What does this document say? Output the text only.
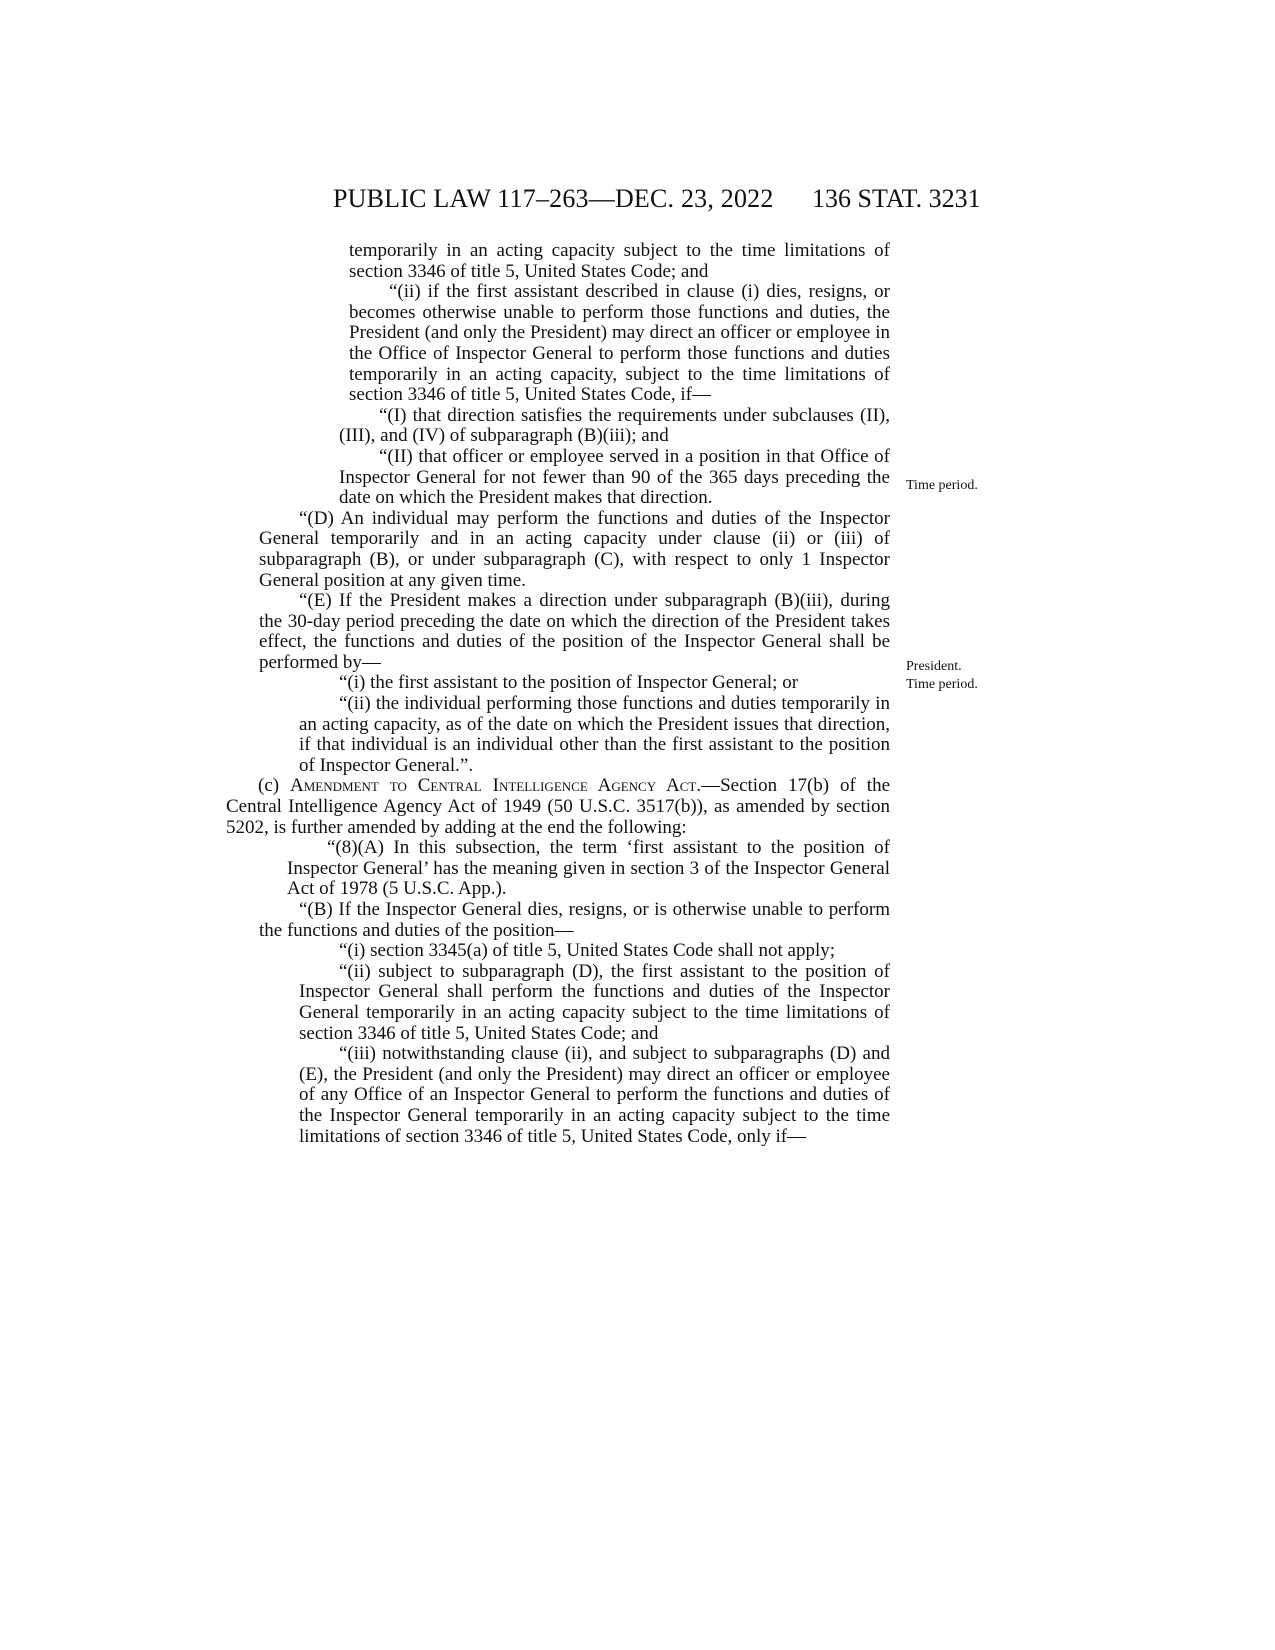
PUBLIC LAW 117–263—DEC. 23, 2022 136 STAT. 3231

temporarily in an acting capacity subject to the time limitations of section 3346 of title 5, United States Code; and

“(ii) if the first assistant described in clause (i) dies, resigns, or becomes otherwise unable to perform those functions and duties, the President (and only the President) may direct an officer or employee in the Office of Inspector General to perform those functions and duties temporarily in an acting capacity, subject to the time limitations of section 3346 of title 5, United States Code, if—

“(I) that direction satisfies the requirements under subclauses (II), (III), and (IV) of subparagraph (B)(iii); and

“(II) that officer or employee served in a position in that Office of Inspector General for not fewer than 90 of the 365 days preceding the date on which the President makes that direction.

“(D) An individual may perform the functions and duties of the Inspector General temporarily and in an acting capacity under clause (ii) or (iii) of subparagraph (B), or under subparagraph (C), with respect to only 1 Inspector General position at any given time.

“(E) If the President makes a direction under subparagraph (B)(iii), during the 30-day period preceding the date on which the direction of the President takes effect, the functions and duties of the position of the Inspector General shall be performed by—

“(i) the first assistant to the position of Inspector General; or

“(ii) the individual performing those functions and duties temporarily in an acting capacity, as of the date on which the President issues that direction, if that individual is an individual other than the first assistant to the position of Inspector General.”.

(c) Amendment to Central Intelligence Agency Act.—Section 17(b) of the Central Intelligence Agency Act of 1949 (50 U.S.C. 3517(b)), as amended by section 5202, is further amended by adding at the end the following:

“(8)(A) In this subsection, the term ‘first assistant to the position of Inspector General’ has the meaning given in section 3 of the Inspector General Act of 1978 (5 U.S.C. App.).

“(B) If the Inspector General dies, resigns, or is otherwise unable to perform the functions and duties of the position—

“(i) section 3345(a) of title 5, United States Code shall not apply;

“(ii) subject to subparagraph (D), the first assistant to the position of Inspector General shall perform the functions and duties of the Inspector General temporarily in an acting capacity subject to the time limitations of section 3346 of title 5, United States Code; and

“(iii) notwithstanding clause (ii), and subject to subparagraphs (D) and (E), the President (and only the President) may direct an officer or employee of any Office of an Inspector General to perform the functions and duties of the Inspector General temporarily in an acting capacity subject to the time limitations of section 3346 of title 5, United States Code, only if—

Time period.
President.
Time period.
